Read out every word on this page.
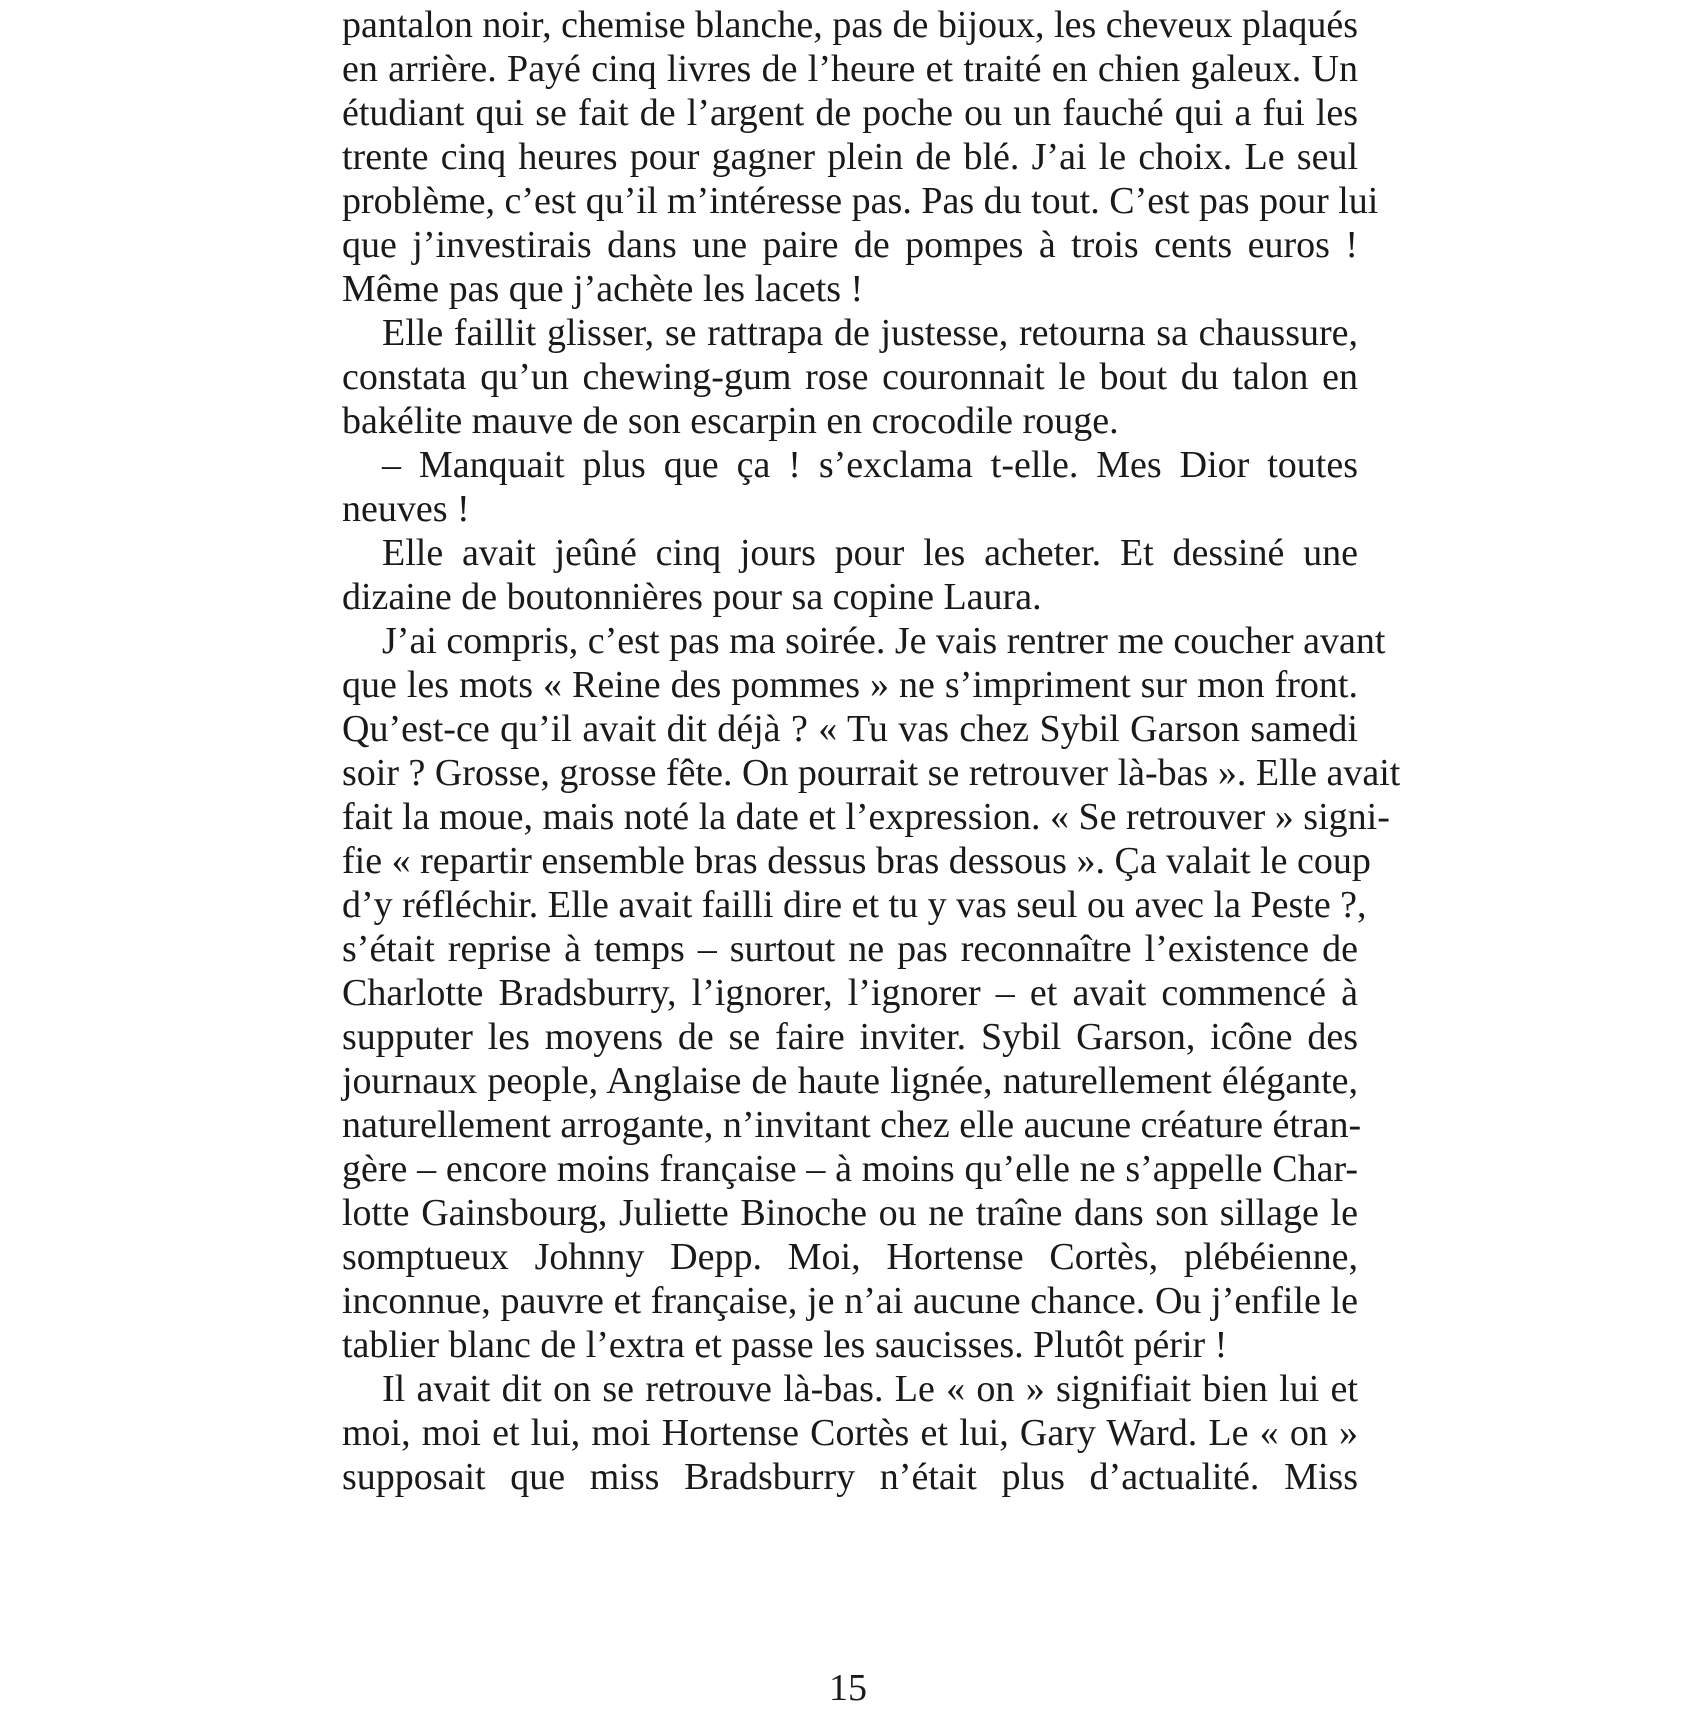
pantalon noir, chemise blanche, pas de bijoux, les cheveux plaqués
en arrière. Payé cinq livres de l’heure et traité en chien galeux. Un
étudiant qui se fait de l’argent de poche ou un fauché qui a fui les
trente cinq heures pour gagner plein de blé. J’ai le choix. Le seul
problème, c’est qu’il m’intéresse pas. Pas du tout. C’est pas pour lui
que j’investirais dans une paire de pompes à trois cents euros !
Même pas que j’achète les lacets !
Elle faillit glisser, se rattrapa de justesse, retourna sa chaussure,
constata qu’un chewing-gum rose couronnait le bout du talon en
bakélite mauve de son escarpin en crocodile rouge.
– Manquait plus que ça ! s’exclama t-elle. Mes Dior toutes
neuves !
Elle avait jeûné cinq jours pour les acheter. Et dessiné une
dizaine de boutonnières pour sa copine Laura.
J’ai compris, c’est pas ma soirée. Je vais rentrer me coucher avant
que les mots « Reine des pommes » ne s’impriment sur mon front.
Qu’est-ce qu’il avait dit déjà ? « Tu vas chez Sybil Garson samedi
soir ? Grosse, grosse fête. On pourrait se retrouver là-bas ». Elle avait
fait la moue, mais noté la date et l’expression. « Se retrouver » signi-
fie « repartir ensemble bras dessus bras dessous ». Ça valait le coup
d’y réfléchir. Elle avait failli dire et tu y vas seul ou avec la Peste ?,
s’était reprise à temps – surtout ne pas reconnaître l’existence de
Charlotte Bradsburry, l’ignorer, l’ignorer – et avait commencé à
supputer les moyens de se faire inviter. Sybil Garson, icône des
journaux people, Anglaise de haute lignée, naturellement élégante,
naturellement arrogante, n’invitant chez elle aucune créature étran-
gère – encore moins française – à moins qu’elle ne s’appelle Char-
lotte Gainsbourg, Juliette Binoche ou ne traîne dans son sillage le
somptueux Johnny Depp. Moi, Hortense Cortès, plébéienne,
inconnue, pauvre et française, je n’ai aucune chance. Ou j’enfile le
tablier blanc de l’extra et passe les saucisses. Plutôt périr !
Il avait dit on se retrouve là-bas. Le « on » signifiait bien lui et
moi, moi et lui, moi Hortense Cortès et lui, Gary Ward. Le « on »
supposait que miss Bradsburry n’était plus d’actualité. Miss
15
